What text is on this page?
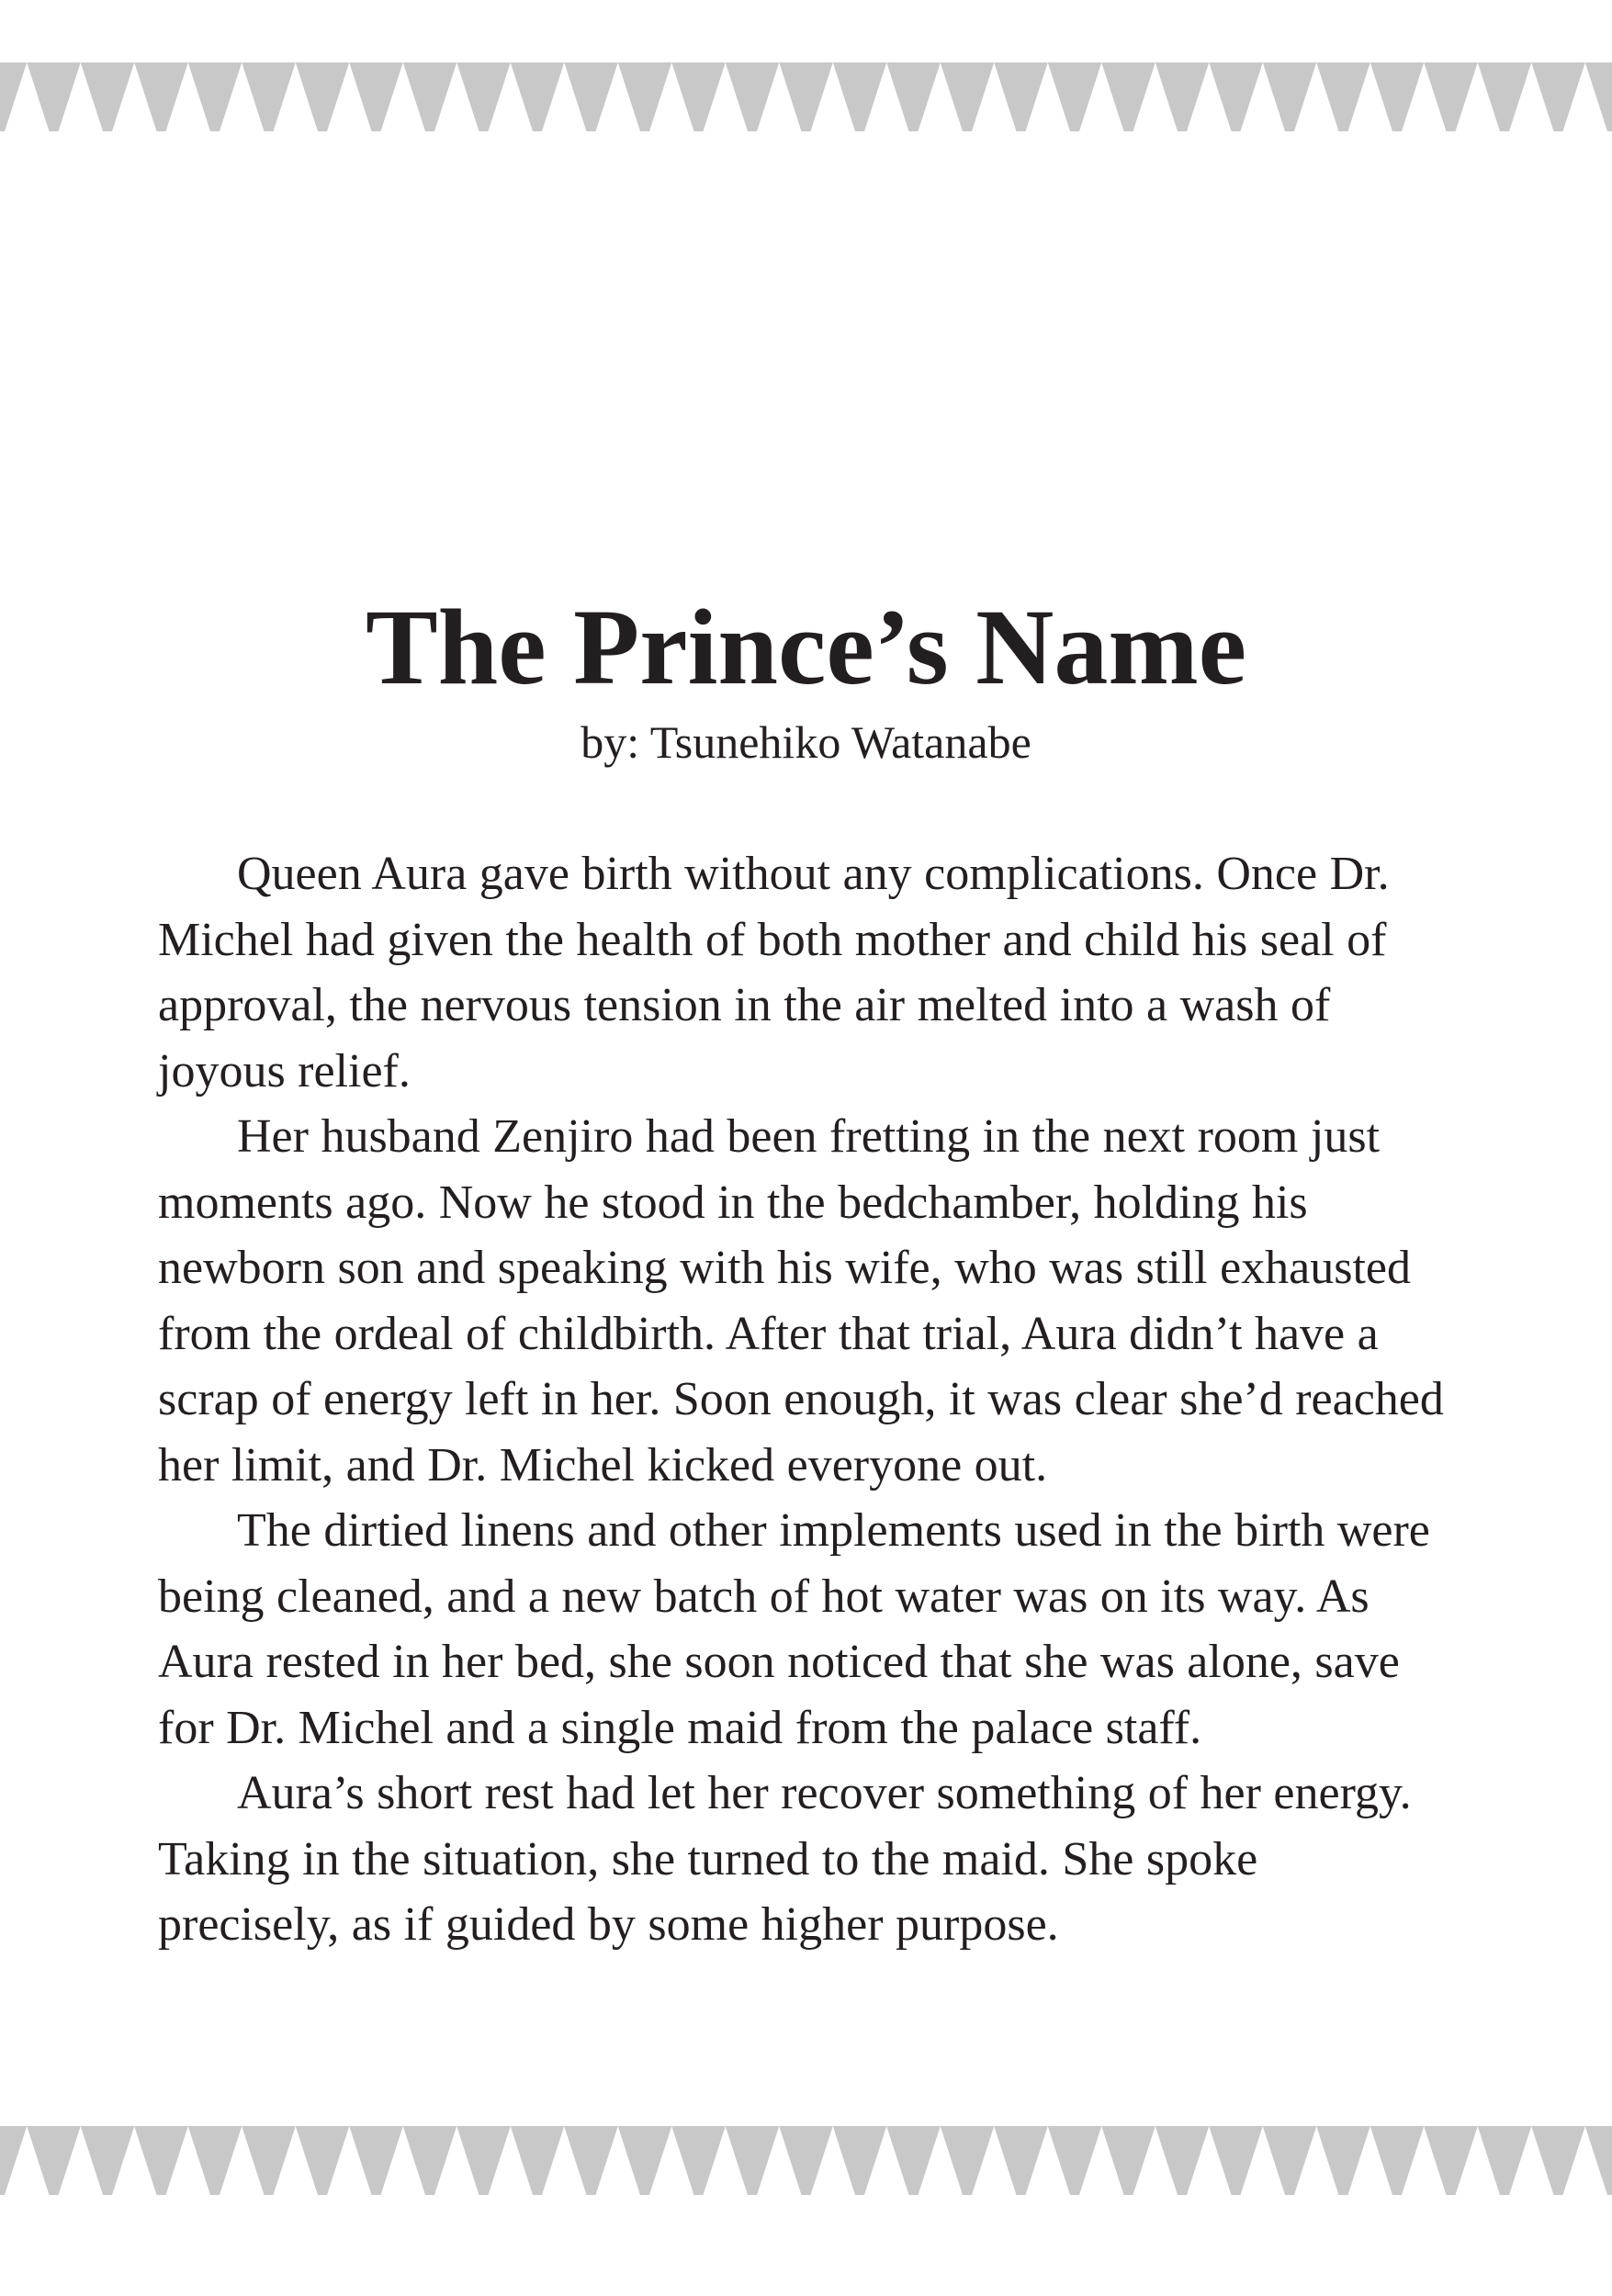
The Prince’s Name

by: Tsunehiko Watanabe

Queen Aura gave birth without any complications. Once Dr. Michel had given the health of both mother and child his seal of approval, the nervous tension in the air melted into a wash of joyous relief.

Her husband Zenjiro had been fretting in the next room just moments ago. Now he stood in the bedchamber, holding his newborn son and speaking with his wife, who was still exhausted from the ordeal of childbirth. After that trial, Aura didn’t have a scrap of energy left in her. Soon enough, it was clear she’d reached her limit, and Dr. Michel kicked everyone out.

The dirtied linens and other implements used in the birth were being cleaned, and a new batch of hot water was on its way. As Aura rested in her bed, she soon noticed that she was alone, save for Dr. Michel and a single maid from the palace staff.

Aura’s short rest had let her recover something of her energy. Taking in the situation, she turned to the maid. She spoke precisely, as if guided by some higher purpose.
